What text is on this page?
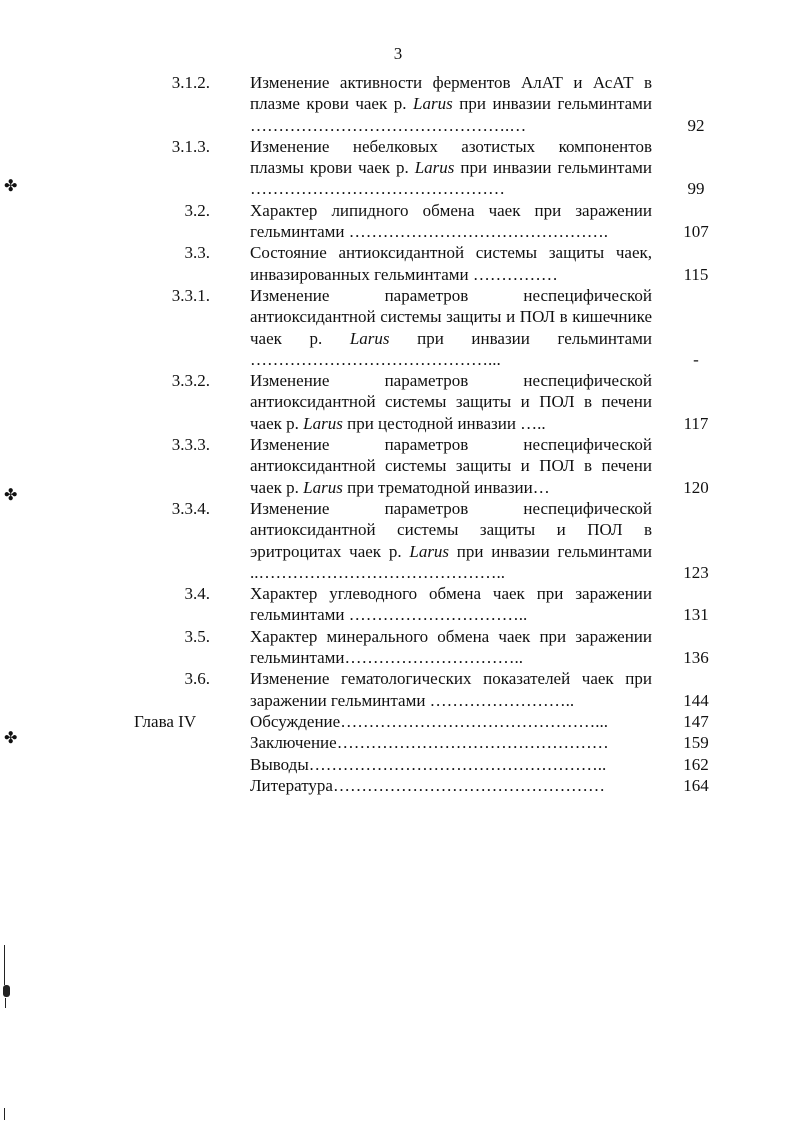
3
3.1.2. Изменение активности ферментов АлАТ и АсАТ в плазме крови чаек р. Larus при инвазии гельминтами ……………………………………….…	92
3.1.3. Изменение небелковых азотистых компонентов плазмы крови чаек р. Larus при инвазии гельминтами ………………………………………	99
3.2. Характер липидного обмена чаек при заражении гельминтами ……………………………………….	107
3.3. Состояние антиоксидантной системы защиты чаек, инвазированных гельминтами ……………	115
3.3.1. Изменение параметров неспецифической антиоксидантной системы защиты и ПОЛ в кишечнике чаек р. Larus при инвазии гельминтами ……………………………………...	-
3.3.2. Изменение параметров неспецифической антиоксидантной системы защиты и ПОЛ в печени чаек р. Larus при цестодной инвазии …..	117
3.3.3. Изменение параметров неспецифической антиоксидантной системы защиты и ПОЛ в печени чаек р. Larus при трематодной инвазии…	120
3.3.4. Изменение параметров неспецифической антиоксидантной системы защиты и ПОЛ в эритроцитах чаек р. Larus при инвазии гельминтами ..……………………………………..	123
3.4. Характер углеводного обмена чаек при заражении гельминтами …………………………..	131
3.5. Характер минерального обмена чаек при заражении гельминтами…………………………..	136
3.6. Изменение гематологических показателей чаек при заражении гельминтами ……………………..	144
Глава IV	Обсуждение………………………………………...	147
Заключение…………………………………………	159
Выводы……………………………………………..	162
Литература…………………………………………	164
✤
✤
✤
